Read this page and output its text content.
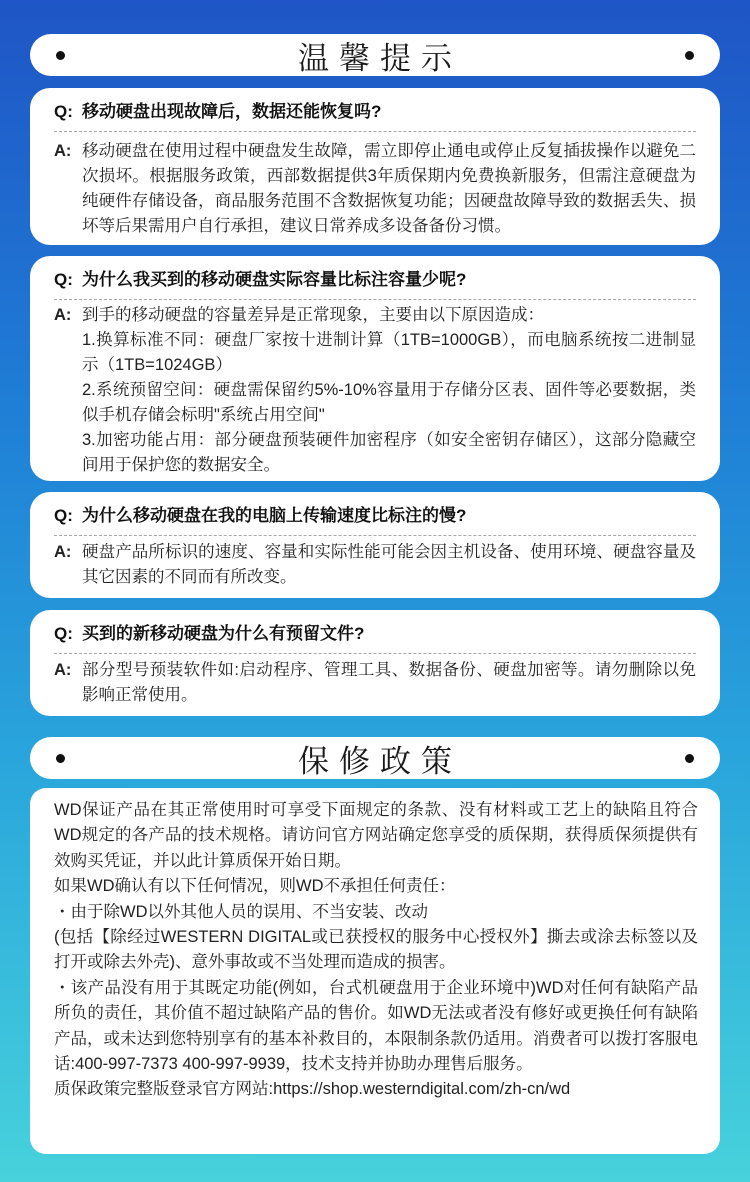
温馨提示
Q: 移动硬盘出现故障后，数据还能恢复吗?
A: 移动硬盘在使用过程中硬盘发生故障，需立即停止通电或停止反复插拔操作以避免二次损坏。根据服务政策，西部数据提供3年质保期内免费换新服务，但需注意硬盘为纯硬件存储设备，商品服务范围不含数据恢复功能；因硬盘故障导致的数据丢失、损坏等后果需用户自行承担，建议日常养成多设备备份习惯。
Q: 为什么我买到的移动硬盘实际容量比标注容量少呢?
A: 到手的移动硬盘的容量差异是正常现象，主要由以下原因造成：
1.换算标准不同：硬盘厂家按十进制计算（1TB=1000GB），而电脑系统按二进制显示（1TB=1024GB）
2.系统预留空间：硬盘需保留约5%-10%容量用于存储分区表、固件等必要数据，类似手机存储会标明"系统占用空间"
3.加密功能占用：部分硬盘预装硬件加密程序（如安全密钥存储区），这部分隐藏空间用于保护您的数据安全。
Q: 为什么移动硬盘在我的电脑上传输速度比标注的慢?
A: 硬盘产品所标识的速度、容量和实际性能可能会因主机设备、使用环境、硬盘容量及其它因素的不同而有所改变。
Q: 买到的新移动硬盘为什么有预留文件?
A: 部分型号预装软件如:启动程序、管理工具、数据备份、硬盘加密等。请勿删除以免影响正常使用。
保修政策
WD保证产品在其正常使用时可享受下面规定的条款、没有材料或工艺上的缺陷且符合WD规定的各产品的技术规格。请访问官方网站确定您享受的质保期，获得质保须提供有效购买凭证，并以此计算质保开始日期。
如果WD确认有以下任何情况，则WD不承担任何责任：
・由于除WD以外其他人员的误用、不当安装、改动
(包括【除经过WESTERN DIGITAL或已获授权的服务中心授权外】撕去或涂去标签以及打开或除去外壳)、意外事故或不当处理而造成的损害。
・该产品没有用于其既定功能(例如，台式机硬盘用于企业环境中)WD对任何有缺陷产品所负的责任，其价值不超过缺陷产品的售价。如WD无法或者没有修好或更换任何有缺陷产品，或未达到您特别享有的基本补救目的，本限制条款仍适用。消费者可以拨打客服电话:400-997-7373 400-997-9939，技术支持并协助办理售后服务。
质保政策完整版登录官方网站:https://shop.westerndigital.com/zh-cn/wd
